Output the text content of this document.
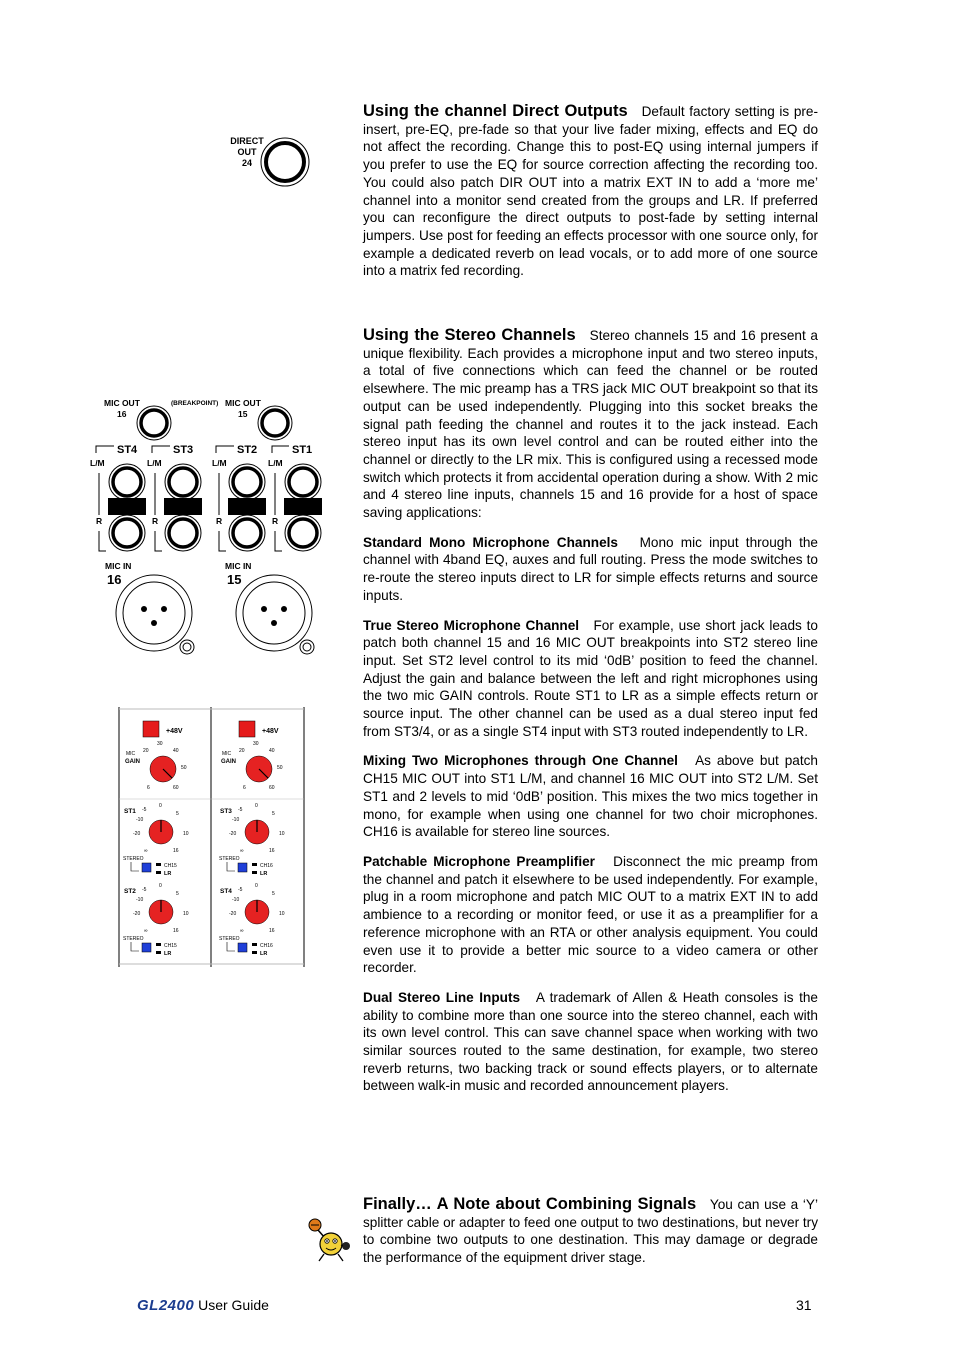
Using the channel Direct Outputs Default factory setting is pre-insert, pre-EQ, pre-fade so that your live fader mixing, effects and EQ do not affect the recording. Change this to post-EQ using internal jumpers if you prefer to use the EQ for source correction affecting the recording too. You could also patch DIR OUT into a matrix EXT IN to add a ‘more me’ channel into a monitor send created from the groups and LR. If preferred you can reconfigure the direct outputs to post-fade by setting internal jumpers. Use post for feeding an effects processor with one source only, for example a dedicated reverb on lead vocals, or to add more of one source into a matrix fed recording.

Using the Stereo Channels Stereo channels 15 and 16 present a unique flexibility. Each provides a microphone input and two stereo inputs, a total of five connections which can feed the channel or be routed elsewhere. The mic preamp has a TRS jack MIC OUT breakpoint so that its output can be used independently. Plugging into this socket breaks the signal path feeding the channel and routes it to the jack instead. Each stereo input has its own level control and can be routed either into the channel or directly to the LR mix. This is configured using a recessed mode switch which protects it from accidental operation during a show. With 2 mic and 4 stereo line inputs, channels 15 and 16 provide for a host of space saving applications:

Standard Mono Microphone Channels Mono mic input through the channel with 4band EQ, auxes and full routing. Press the mode switches to re-route the stereo inputs direct to LR for simple effects returns and source inputs.

True Stereo Microphone Channel For example, use short jack leads to patch both channel 15 and 16 MIC OUT breakpoints into ST2 stereo line input. Set ST2 level control to its mid ‘0dB’ position to feed the channel. Adjust the gain and balance between the left and right microphones using the two mic GAIN controls. Route ST1 to LR as a simple effects return or source input. The other channel can be used as a dual stereo input fed from ST3/4, or as a single ST4 input with ST3 routed independently to LR.

Mixing Two Microphones through One Channel As above but patch CH15 MIC OUT into ST1 L/M, and channel 16 MIC OUT into ST2 L/M. Set ST1 and 2 levels to mid ‘0dB’ position. This mixes the two mics together in mono, for example when using one channel for two choir microphones. CH16 is available for stereo line sources.

Patchable Microphone Preamplifier Disconnect the mic preamp from the channel and patch it elsewhere to be used independently. For example, plug in a room microphone and patch MIC OUT to a matrix EXT IN to add ambience to a recording or monitor feed, or use it as a preamplifier for a reference microphone with an RTA or other analysis equipment. You could even use it to provide a better mic source to a video camera or other recorder.

Dual Stereo Line Inputs A trademark of Allen & Heath consoles is the ability to combine more than one source into the stereo channel, each with its own level control. This can save channel space when working with two similar sources routed to the same destination, for example, two stereo reverb returns, two backing track or sound effects players, or to alternate between walk-in music and recorded announcement players.

Finally… A Note about Combining Signals You can use a ‘Y’ splitter cable or adapter to feed one output to two destinations, but never try to combine two outputs to one destination. This may damage or degrade the performance of the equipment driver stage.

DIRECT
OUT
24
MIC OUT
16
(BREAKPOINT) MIC OUT
15
ST4	ST3	ST2	ST1
L/M	L/M	L/M	L/M
R	R	R	R
MIC IN
16
MIC IN
15
+48V
MIC
GAIN
20
30
40
50
6	60
ST1 -5
0
5
-10
-20	10
∞	16
STEREO
CH15
LR
ST2 -5
0
5
-10
-20	10
∞	16
STEREO
CH15
LR
+48V
MIC
GAIN
20
30
40
50
6	60
ST3 -5
0
5
-10
-20	10
∞	16
STEREO
CH16
LR
ST4 -5
0
5
-10
-20	10
∞	16
STEREO
CH16
LR
GL2400 User Guide	31
